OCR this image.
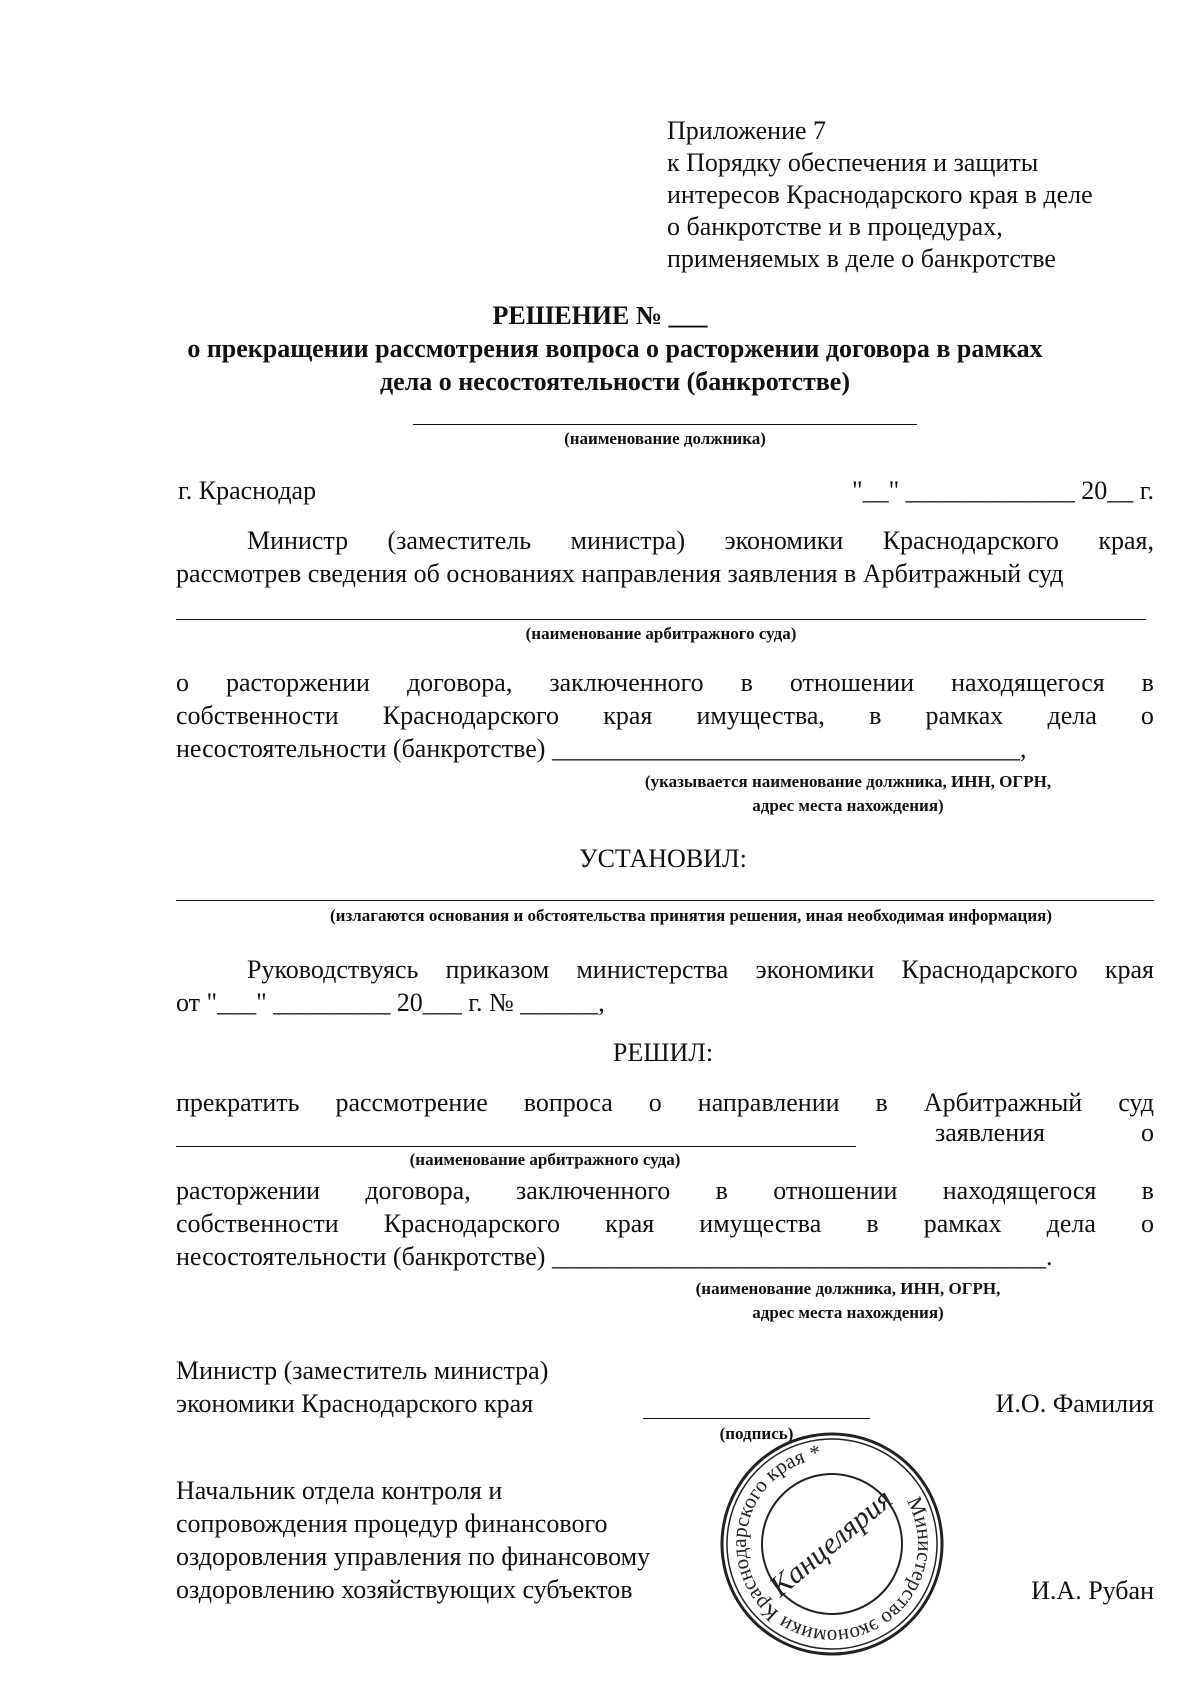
Приложение 7
к Порядку обеспечения и защиты
интересов Краснодарского края в деле
о банкротстве и в процедурах,
применяемых в деле о банкротстве
РЕШЕНИЕ № ___
о прекращении рассмотрения вопроса о расторжении договора в рамках
дела о несостоятельности (банкротстве)
(наименование должника)
г. Краснодар	"__" _____________ 20__ г.
Министр (заместитель министра) экономики Краснодарского края,
рассмотрев сведения об основаниях направления заявления в Арбитражный суд
(наименование арбитражного суда)
о расторжении договора, заключенного в отношении находящегося в
собственности Краснодарского края имущества, в рамках дела о
несостоятельности (банкротстве) ____________________________________,
(указывается наименование должника, ИНН, ОГРН,
адрес места нахождения)
УСТАНОВИЛ:
(излагаются основания и обстоятельства принятия решения, иная необходимая информация)
Руководствуясь приказом министерства экономики Краснодарского края
от "___" _________ 20___ г. № ______,
РЕШИЛ:
прекратить рассмотрение вопроса о направлении в Арбитражный суд
заявления	о
(наименование арбитражного суда)
расторжении договора, заключенного в отношении находящегося в
собственности Краснодарского края имущества в рамках дела о
несостоятельности (банкротстве) ______________________________________.
(наименование должника, ИНН, ОГРН,
адрес места нахождения)
Министр (заместитель министра)
экономики Краснодарского края
(подпись)
И.О. Фамилия
Начальник отдела контроля и
сопровождения процедур финансового
оздоровления управления по финансовому
оздоровлению хозяйствующих субъектов	И.А. Рубан
Министерство экономики Краснодарского края *
Канцелярия
